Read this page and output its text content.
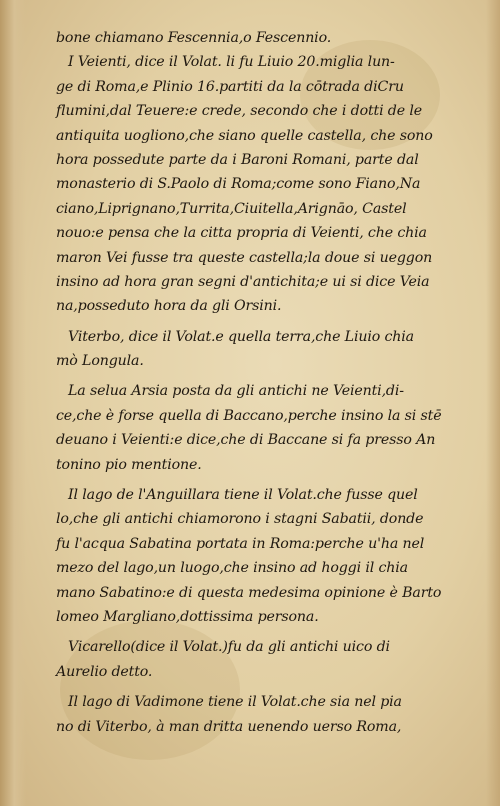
bone chiamano Fescennia,o Fescennio.
I Veienti, dice il Volat. li fu Liuio 20.miglia lun-
ge di Roma,e Plinio 16.partiti da la cōtrada diCru
flumini,dal Teuere:e crede, secondo che i dotti de le
antiquita uogliono,che siano quelle castella, che sono
hora possedute parte da i Baroni Romani, parte dal
monasterio di S.Paolo di Roma;come sono Fiano,Na
ciano,Liprignano,Turrita,Ciuitella,Arignāo, Castel
nouo:e pensa che la citta propria di Veienti, che chia
maron Vei fusse tra queste castella;la doue si ueggon
insino ad hora gran segni d'antichita;e ui si dice Veia
na,posseduto hora da gli Orsini.
Viterbo, dice il Volat.e quella terra,che Liuio chia
mò Longula.
La selua Arsia posta da gli antichi ne Veienti,di-
ce,che è forse quella di Baccano,perche insino la si stē
deuano i Veienti:e dice,che di Baccane si fa presso An
tonino pio mentione.
Il lago de l'Anguillara tiene il Volat.che fusse quel
lo,che gli antichi chiamorono i stagni Sabatii, donde
fu l'acqua Sabatina portata in Roma:perche u'ha nel
mezo del lago,un luogo,che insino ad hoggi il chia
mano Sabatino:e di questa medesima opinione è Barto
lomeo Margliano,dottissima persona.
Vicarello(dice il Volat.)fu da gli antichi uico di
Aurelio detto.
Il lago di Vadimone tiene il Volat.che sia nel pia
no di Viterbo, à man dritta uenendo uerso Roma,
